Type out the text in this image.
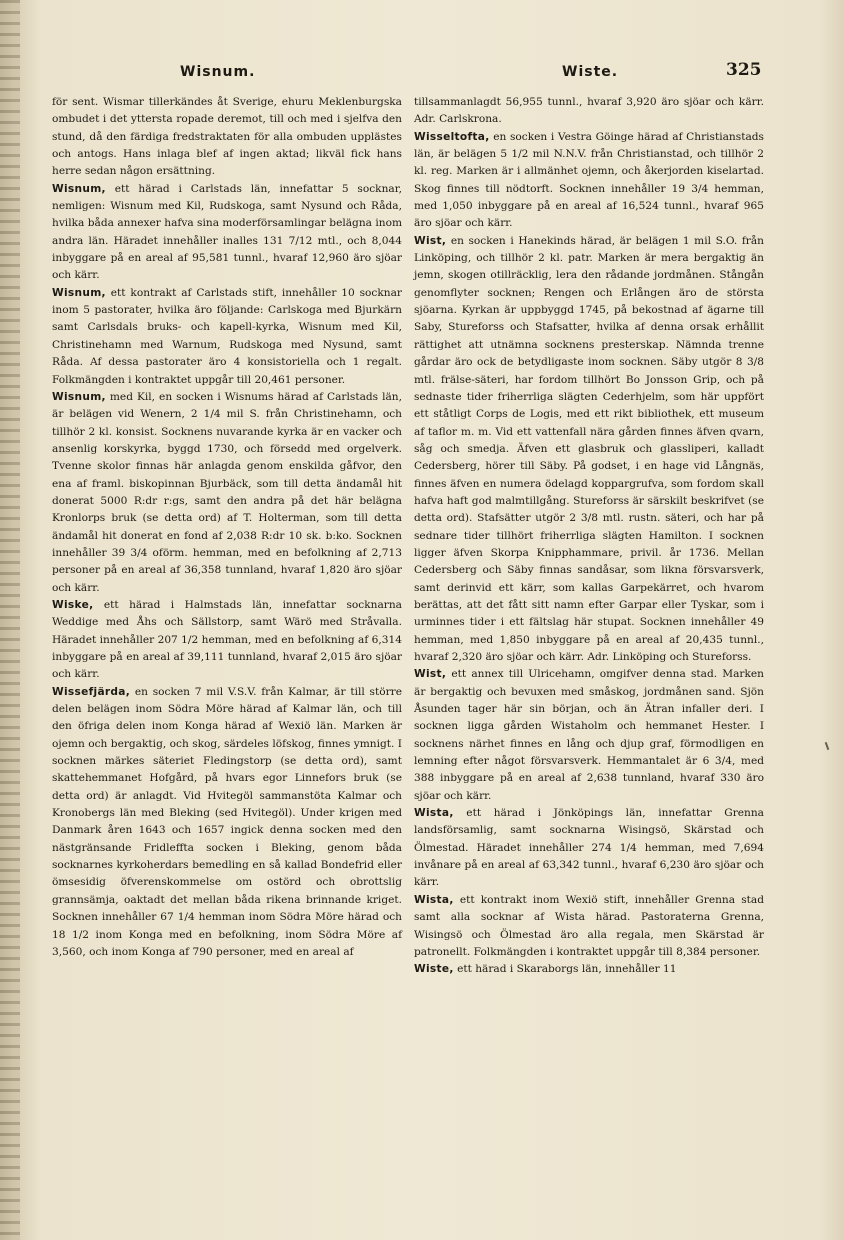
Wisnum.	Wiste.	325

för sent. Wismar tillerkändes åt Sverige, ehuru Meklenburgska ombudet i det yttersta ropade deremot, till och med i sjelfva den stund, då den färdiga fredstraktaten för alla ombuden upplästes och antogs. Hans inlaga blef af ingen aktad; likväl fick hans herre sedan någon ersättning.

Wisnum, ett härad i Carlstads län, innefattar 5 socknar, nemligen: Wisnum med Kil, Rudskoga, samt Nysund och Råda, hvilka båda annexer hafva sina moderförsamlingar belägna inom andra län. Häradet innehåller inalles 131 7/12 mtl., och 8,044 inbyggare på en areal af 95,581 tunnl., hvaraf 12,960 äro sjöar och kärr.

Wisnum, ett kontrakt af Carlstads stift, innehåller 10 socknar inom 5 pastorater, hvilka äro följande: Carlskoga med Bjurkärn samt Carlsdals bruks- och kapell-kyrka, Wisnum med Kil, Christinehamn med Warnum, Rudskoga med Nysund, samt Råda. Af dessa pastorater äro 4 konsistoriella och 1 regalt. Folkmängden i kontraktet uppgår till 20,461 personer.

Wisnum, med Kil, en socken i Wisnums härad af Carlstads län, är belägen vid Wenern, 2 1/4 mil S. från Christinehamn, och tillhör 2 kl. konsist. Socknens nuvarande kyrka är en vacker och ansenlig korskyrka, byggd 1730, och försedd med orgelverk. Tvenne skolor finnas här anlagda genom enskilda gåfvor, den ena af framl. biskopinnan Bjurbäck, som till detta ändamål hit donerat 5000 R:dr r:gs, samt den andra på det här belägna Kronlorps bruk (se detta ord) af T. Holterman, som till detta ändamål hit donerat en fond af 2,038 R:dr 10 sk. b:ko. Socknen innehåller 39 3/4 oförm. hemman, med en befolkning af 2,713 personer på en areal af 36,358 tunnland, hvaraf 1,820 äro sjöar och kärr.

Wiske, ett härad i Halmstads län, innefattar socknarna Weddige med Åhs och Sällstorp, samt Wärö med Stråvalla. Häradet innehåller 207 1/2 hemman, med en befolkning af 6,314 inbyggare på en areal af 39,111 tunnland, hvaraf 2,015 äro sjöar och kärr.

Wissefjärda, en socken 7 mil V.S.V. från Kalmar, är till större delen belägen inom Södra Möre härad af Kalmar län, och till den öfriga delen inom Konga härad af Wexiö län. Marken är ojemn och bergaktig, och skog, särdeles löfskog, finnes ymnigt. I socknen märkes säteriet Fledingstorp (se detta ord), samt skattehemmanet Hofgård, på hvars egor Linnefors bruk (se detta ord) är anlagdt. Vid Hvitegöl sammanstöta Kalmar och Kronobergs län med Bleking (sed Hvitegöl). Under krigen med Danmark åren 1643 och 1657 ingick denna socken med den nästgränsande Fridleffta socken i Bleking, genom båda socknarnes kyrkoherdars bemedling en så kallad Bondefrid eller ömsesidig öfverenskommelse om ostörd och obrottslig grannsämja, oaktadt det mellan båda rikena brinnande kriget. Socknen innehåller 67 1/4 hemman inom Södra Möre härad och 18 1/2 inom Konga med en befolkning, inom Södra Möre af 3,560, och inom Konga af 790 personer, med en areal af

tillsammanlagdt 56,955 tunnl., hvaraf 3,920 äro sjöar och kärr. Adr. Carlskrona.

Wisseltofta, en socken i Vestra Göinge härad af Christianstads län, är belägen 5 1/2 mil N.N.V. från Christianstad, och tillhör 2 kl. reg. Marken är i allmänhet ojemn, och åkerjorden kiselartad. Skog finnes till nödtorft. Socknen innehåller 19 3/4 hemman, med 1,050 inbyggare på en areal af 16,524 tunnl., hvaraf 965 äro sjöar och kärr.

Wist, en socken i Hanekinds härad, är belägen 1 mil S.O. från Linköping, och tillhör 2 kl. patr. Marken är mera bergaktig än jemn, skogen otillräcklig, lera den rådande jordmånen. Stångån genomflyter socknen; Rengen och Erlången äro de största sjöarna. Kyrkan är uppbyggd 1745, på bekostnad af ägarne till Saby, Stureforss och Stafsatter, hvilka af denna orsak erhållit rättighet att utnämna socknens presterskap. Nämnda trenne gårdar äro ock de betydligaste inom socknen. Säby utgör 8 3/8 mtl. frälse-säteri, har fordom tillhört Bo Jonsson Grip, och på sednaste tider friherrliga slägten Cederhjelm, som här uppfört ett ståtligt Corps de Logis, med ett rikt bibliothek, ett museum af taflor m. m. Vid ett vattenfall nära gården finnes äfven qvarn, såg och smedja. Äfven ett glasbruk och glassliperi, kalladt Cedersberg, hörer till Säby. På godset, i en hage vid Långnäs, finnes äfven en numera ödelagd koppargrufva, som fordom skall hafva haft god malmtillgång. Stureforss är särskilt beskrifvet (se detta ord). Stafsätter utgör 2 3/8 mtl. rustn. säteri, och har på sednare tider tillhört friherrliga slägten Hamilton. I socknen ligger äfven Skorpa Knipphammare, privil. år 1736. Mellan Cedersberg och Säby finnas sandåsar, som likna försvarsverk, samt derinvid ett kärr, som kallas Garpekärret, och hvarom berättas, att det fått sitt namn efter Garpar eller Tyskar, som i urminnes tider i ett fältslag här stupat. Socknen innehåller 49 hemman, med 1,850 inbyggare på en areal af 20,435 tunnl., hvaraf 2,320 äro sjöar och kärr. Adr. Linköping och Stureforss.

Wist, ett annex till Ulricehamn, omgifver denna stad. Marken är bergaktig och bevuxen med småskog, jordmånen sand. Sjön Åsunden tager här sin början, och än Ätran infaller deri. I socknen ligga gården Wistaholm och hemmanet Hester. I socknens närhet finnes en lång och djup graf, förmodligen en lemning efter något försvarsverk. Hemmantalet är 6 3/4, med 388 inbyggare på en areal af 2,638 tunnland, hvaraf 330 äro sjöar och kärr.

Wista, ett härad i Jönköpings län, innefattar Grenna landsförsamlig, samt socknarna Wisingsö, Skärstad och Ölmestad. Häradet innehåller 274 1/4 hemman, med 7,694 invånare på en areal af 63,342 tunnl., hvaraf 6,230 äro sjöar och kärr.

Wista, ett kontrakt inom Wexiö stift, innehåller Grenna stad samt alla socknar af Wista härad. Pastoraterna Grenna, Wisingsö och Ölmestad äro alla regala, men Skärstad är patronellt. Folkmängden i kontraktet uppgår till 8,384 personer.

Wiste, ett härad i Skaraborgs län, innehåller 11
